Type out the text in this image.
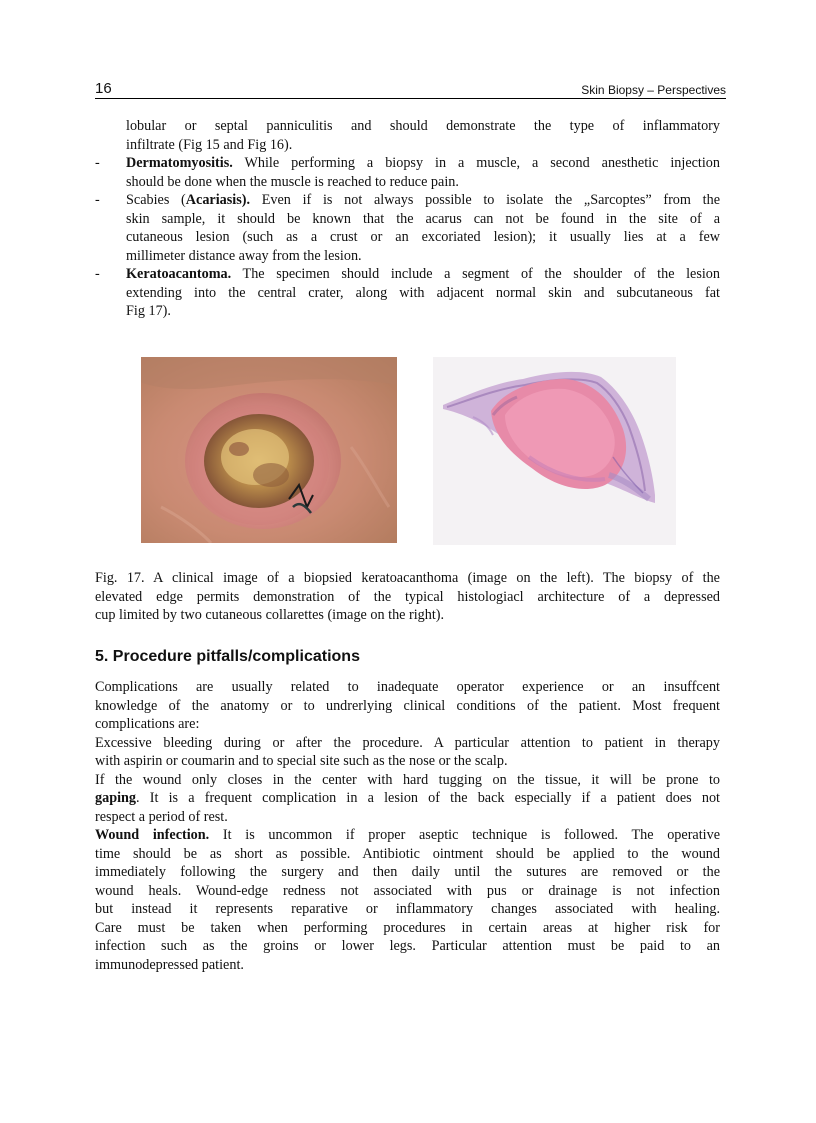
16	Skin Biopsy – Perspectives
lobular or septal panniculitis and should demonstrate the type of inflammatory
infiltrate (Fig 15 and Fig 16).
- Dermatomyositis. While performing a biopsy in a muscle, a second anesthetic injection
should be done when the muscle is reached to reduce pain.
- Scabies (Acariasis). Even if is not always possible to isolate the „Sarcoptes” from the
skin sample, it should be known that the acarus can not be found in the site of a
cutaneous lesion (such as a crust or an excoriated lesion); it usually lies at a few
millimeter distance away from the lesion.
- Keratoacantoma. The specimen should include a segment of the shoulder of the lesion
extending into the central crater, along with adjacent normal skin and subcutaneous fat
Fig 17).
Fig. 17. A clinical image of a biopsied keratoacanthoma (image on the left). The biopsy of the
elevated edge permits demonstration of the typical histologiacl architecture of a depressed
cup limited by two cutaneous collarettes (image on the right).
5. Procedure pitfalls/complications
Complications are usually related to inadequate operator experience or an insuffcent
knowledge of the anatomy or to undrerlying clinical conditions of the patient. Most frequent
complications are:
Excessive bleeding during or after the procedure. A particular attention to patient in therapy
with aspirin or coumarin and to special site such as the nose or the scalp.
If the wound only closes in the center with hard tugging on the tissue, it will be prone to
gaping. It is a frequent complication in a lesion of the back especially if a patient does not
respect a period of rest.
Wound infection. It is uncommon if proper aseptic technique is followed. The operative
time should be as short as possible. Antibiotic ointment should be applied to the wound
immediately following the surgery and then daily until the sutures are removed or the
wound heals. Wound-edge redness not associated with pus or drainage is not infection
but instead it represents reparative or inflammatory changes associated with healing.
Care must be taken when performing procedures in certain areas at higher risk for
infection such as the groins or lower legs. Particular attention must be paid to an
immunodepressed patient.
